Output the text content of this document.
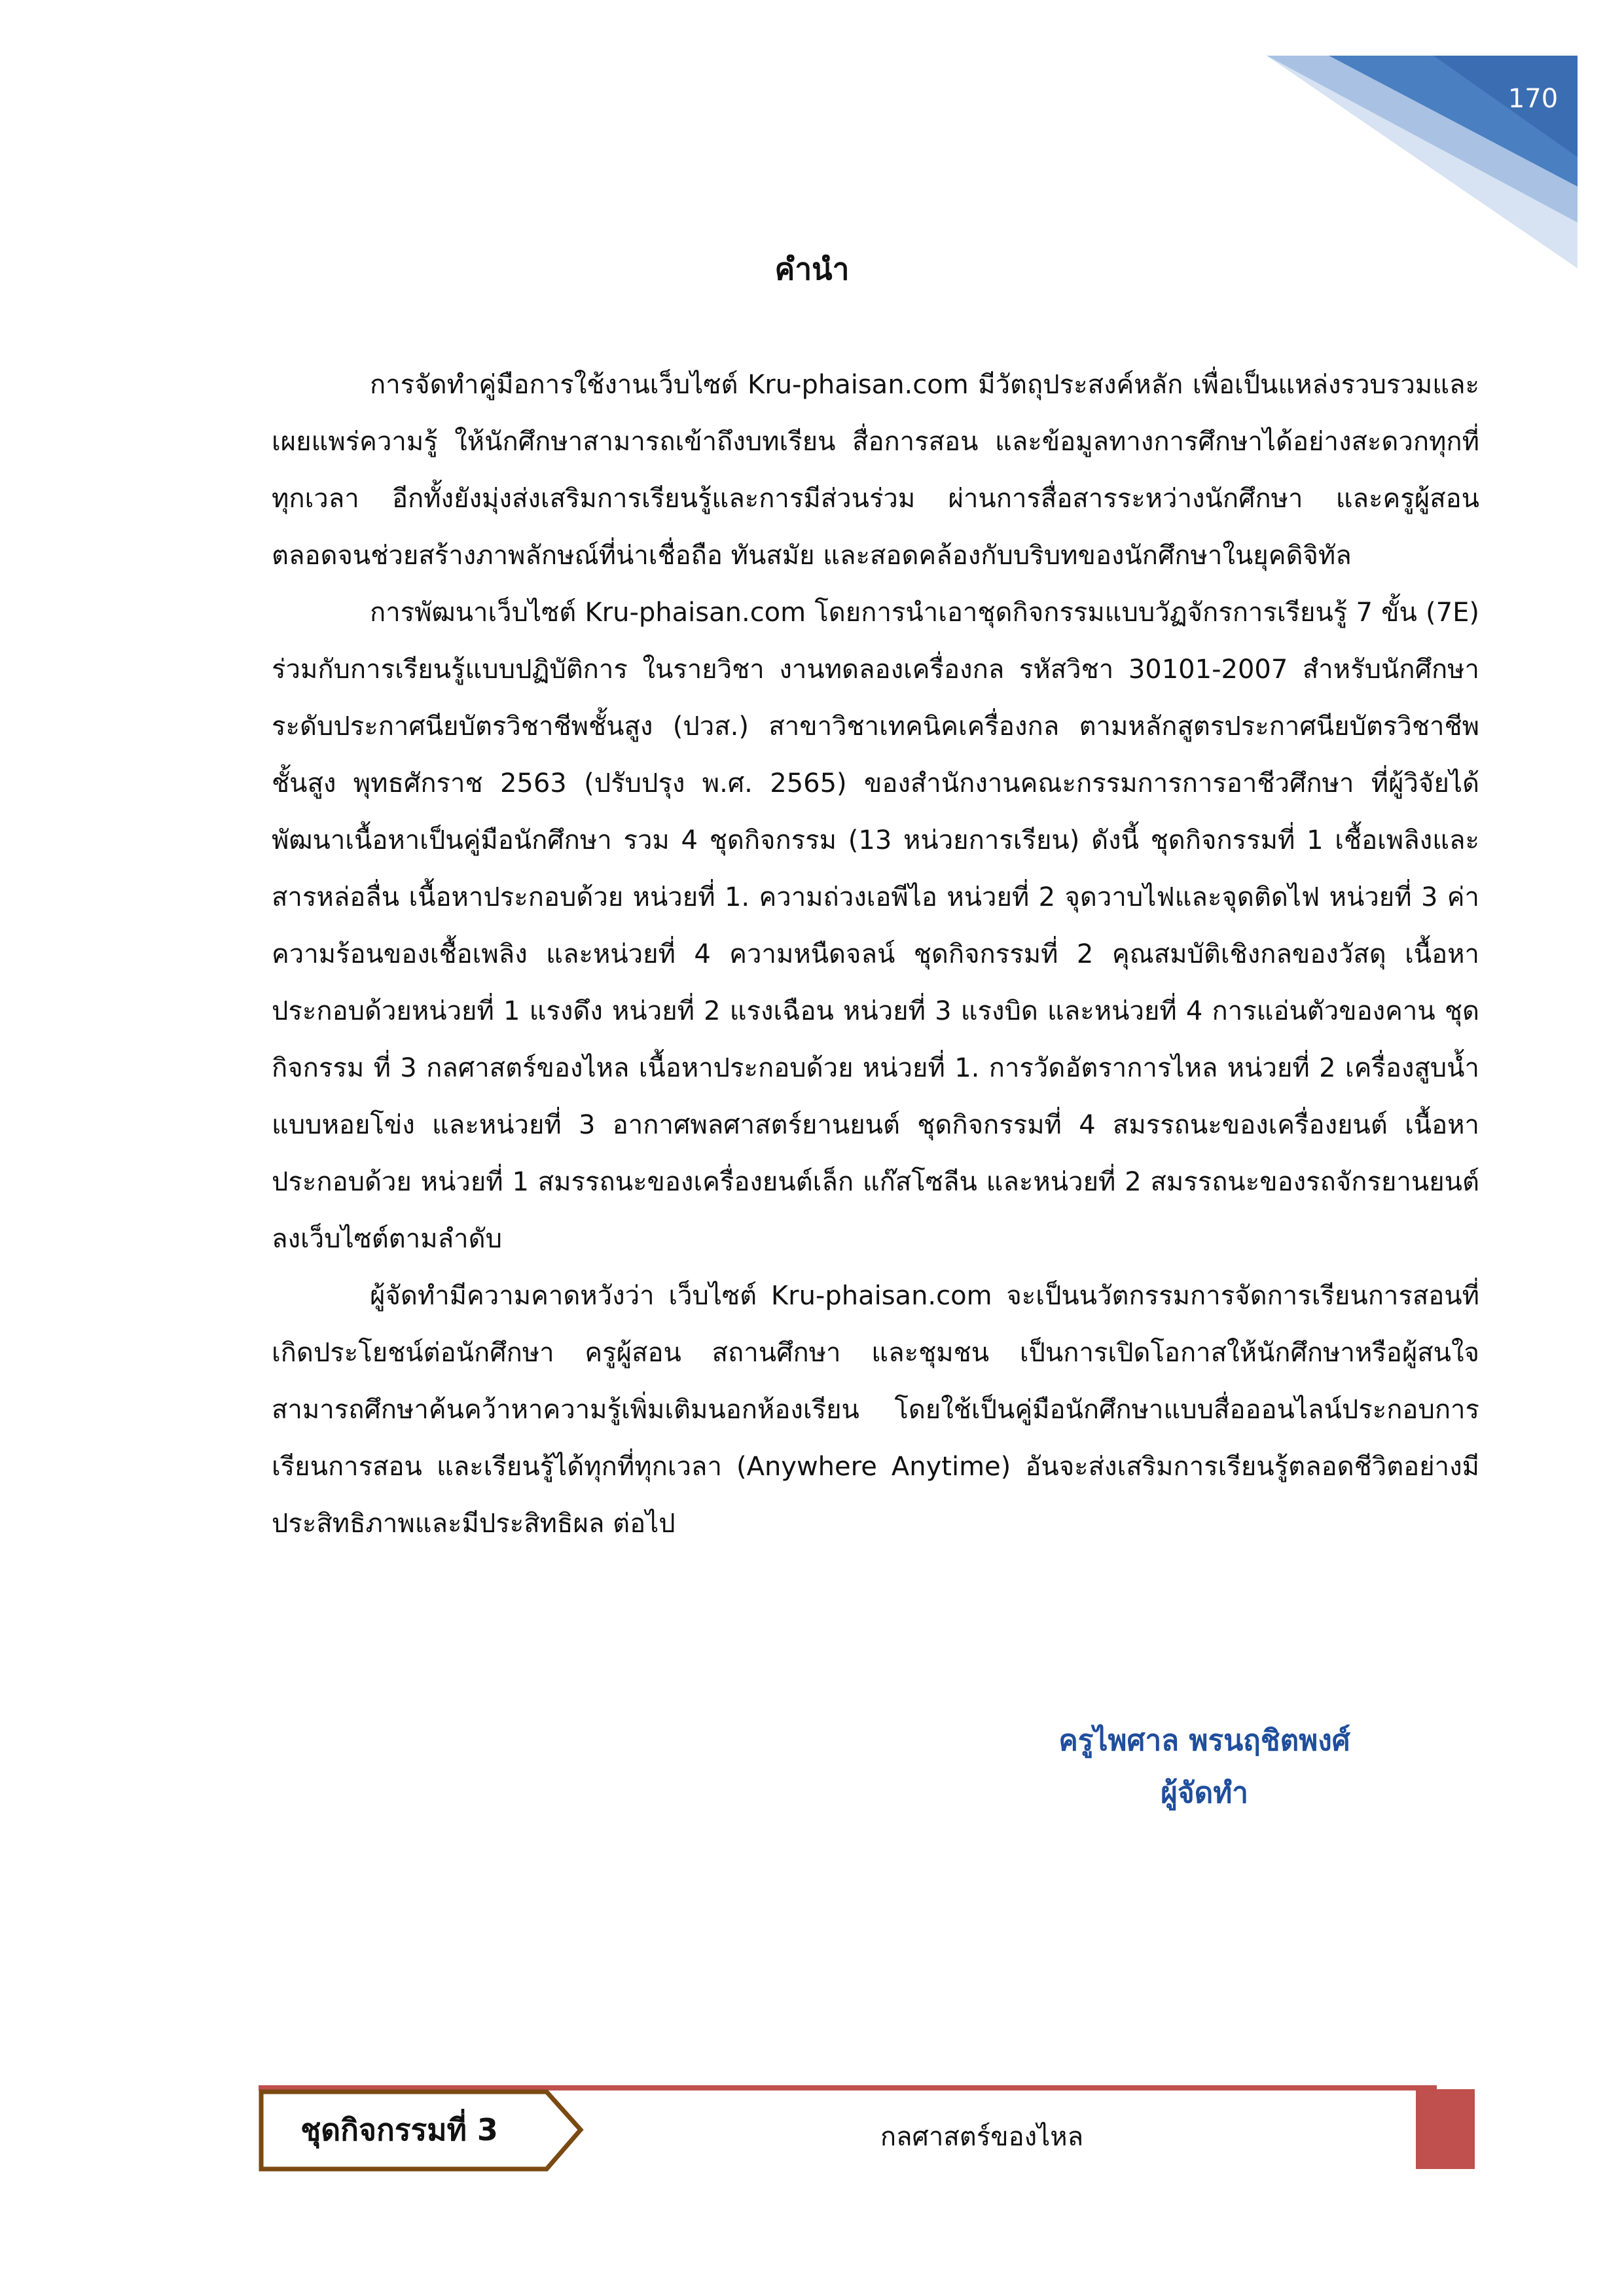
170
คำนำ

การจัดทำคู่มือการใช้งานเว็บไซต์ Kru-phaisan.com มีวัตถุประสงค์หลัก เพื่อเป็นแหล่งรวบรวมและเผยแพร่ความรู้ ให้นักศึกษาสามารถเข้าถึงบทเรียน สื่อการสอน และข้อมูลทางการศึกษาได้อย่างสะดวกทุกที่ทุกเวลา อีกทั้งยังมุ่งส่งเสริมการเรียนรู้และการมีส่วนร่วม ผ่านการสื่อสารระหว่างนักศึกษา และครูผู้สอน ตลอดจนช่วยสร้างภาพลักษณ์ที่น่าเชื่อถือ ทันสมัย และสอดคล้องกับบริบทของนักศึกษาในยุคดิจิทัล

การพัฒนาเว็บไซต์ Kru-phaisan.com โดยการนำเอาชุดกิจกรรมแบบวัฏจักรการเรียนรู้ 7 ขั้น (7E) ร่วมกับการเรียนรู้แบบปฏิบัติการ ในรายวิชา งานทดลองเครื่องกล รหัสวิชา 30101-2007 สำหรับนักศึกษาระดับประกาศนียบัตรวิชาชีพชั้นสูง (ปวส.) สาขาวิชาเทคนิคเครื่องกล ตามหลักสูตรประกาศนียบัตรวิชาชีพชั้นสูง พุทธศักราช 2563 (ปรับปรุง พ.ศ. 2565) ของสำนักงานคณะกรรมการการอาชีวศึกษา ที่ผู้วิจัยได้พัฒนาเนื้อหาเป็นคู่มือนักศึกษา รวม 4 ชุดกิจกรรม (13 หน่วยการเรียน) ดังนี้ ชุดกิจกรรมที่ 1 เชื้อเพลิงและสารหล่อลื่น เนื้อหาประกอบด้วย หน่วยที่ 1. ความถ่วงเอพีไอ หน่วยที่ 2 จุดวาบไฟและจุดติดไฟ หน่วยที่ 3 ค่าความร้อนของเชื้อเพลิง และหน่วยที่ 4 ความหนืดจลน์ ชุดกิจกรรมที่ 2 คุณสมบัติเชิงกลของวัสดุ เนื้อหาประกอบด้วยหน่วยที่ 1 แรงดึง หน่วยที่ 2 แรงเฉือน หน่วยที่ 3 แรงบิด และหน่วยที่ 4 การแอ่นตัวของคาน ชุดกิจกรรม ที่ 3 กลศาสตร์ของไหล เนื้อหาประกอบด้วย หน่วยที่ 1. การวัดอัตราการไหล หน่วยที่ 2 เครื่องสูบน้ำแบบหอยโข่ง และหน่วยที่ 3 อากาศพลศาสตร์ยานยนต์ ชุดกิจกรรมที่ 4 สมรรถนะของเครื่องยนต์ เนื้อหาประกอบด้วย หน่วยที่ 1 สมรรถนะของเครื่องยนต์เล็ก แก๊สโซลีน และหน่วยที่ 2 สมรรถนะของรถจักรยานยนต์ ลงเว็บไซต์ตามลำดับ

ผู้จัดทำมีความคาดหวังว่า เว็บไซต์ Kru-phaisan.com จะเป็นนวัตกรรมการจัดการเรียนการสอนที่เกิดประโยชน์ต่อนักศึกษา ครูผู้สอน สถานศึกษา และชุมชน เป็นการเปิดโอกาสให้นักศึกษาหรือผู้สนใจสามารถศึกษาค้นคว้าหาความรู้เพิ่มเติมนอกห้องเรียน โดยใช้เป็นคู่มือนักศึกษาแบบสื่อออนไลน์ประกอบการเรียนการสอน และเรียนรู้ได้ทุกที่ทุกเวลา (Anywhere Anytime) อันจะส่งเสริมการเรียนรู้ตลอดชีวิตอย่างมีประสิทธิภาพและมีประสิทธิผล ต่อไป

ครูไพศาล พรนฤชิตพงศ์
ผู้จัดทำ
ชุดกิจกรรมที่ 3	กลศาสตร์ของไหล
